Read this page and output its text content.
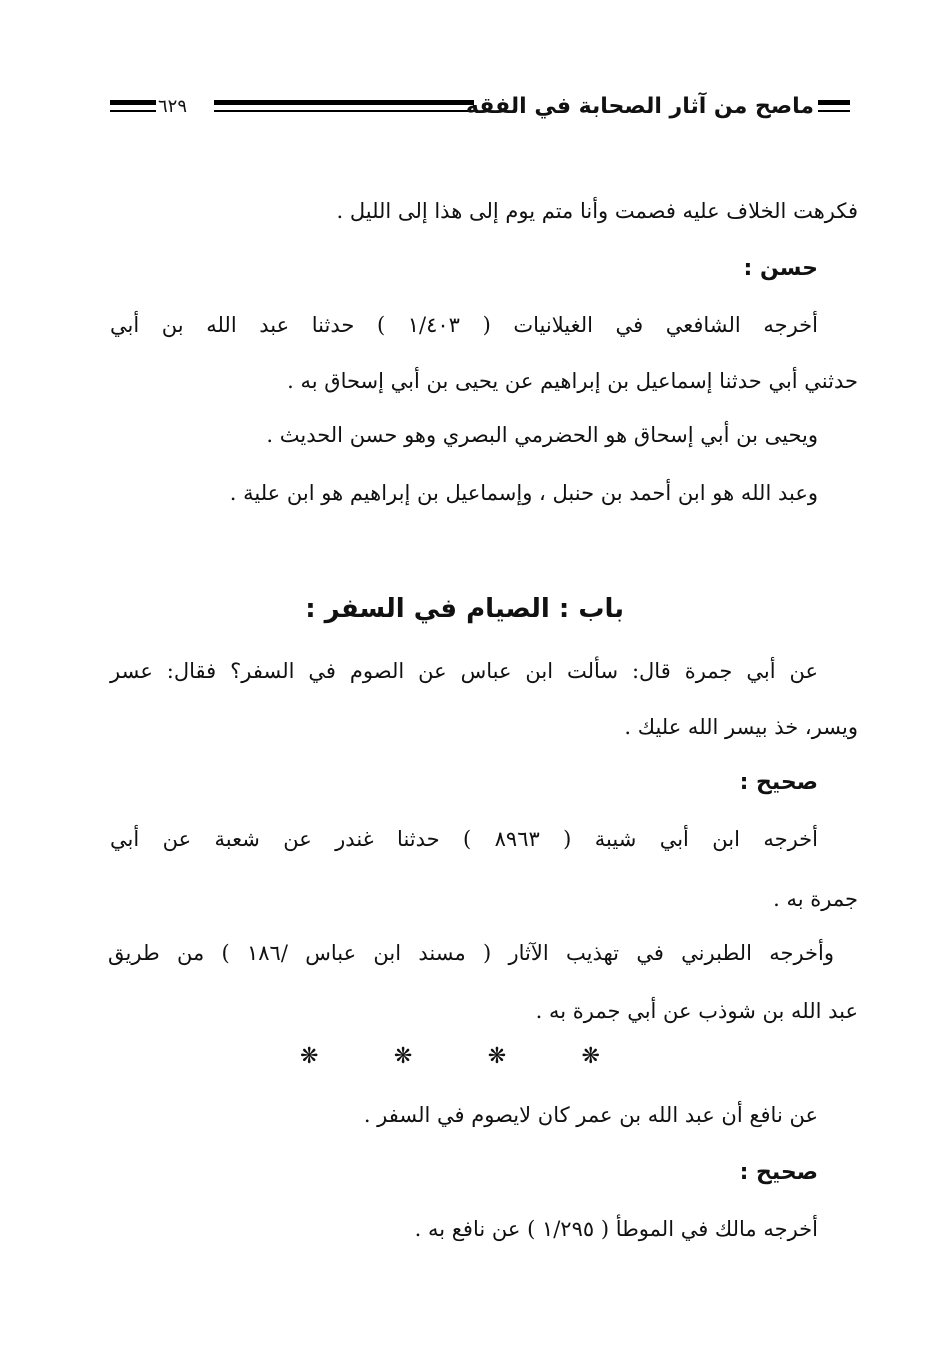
٦٢٩	ماصح من آثار الصحابة في الفقه
فكرهت الخلاف عليه فصمت وأنا متم يوم إلى هذا إلى الليل .
حسن :
أخرجه الشافعي في الغيلانيات ( ١/٤٠٣ ) حدثنا عبد الله بن أبي
حدثني أبي حدثنا إسماعيل بن إبراهيم عن يحيى بن أبي إسحاق به .
ويحيى بن أبي إسحاق هو الحضرمي البصري وهو حسن الحديث .
وعبد الله هو ابن أحمد بن حنبل ، وإسماعيل بن إبراهيم هو ابن علية .
باب : الصيام في السفر :
عن أبي جمرة قال: سألت ابن عباس عن الصوم في السفر؟ فقال: عسر
ويسر، خذ بيسر الله عليك .
صحيح :
أخرجه ابن أبي شيبة ( ٨٩٦٣ ) حدثنا غندر عن شعبة عن أبي
جمرة به .
وأخرجه الطبرني في تهذيب الآثار ( مسند ابن عباس /١٨٦ ) من طريق
عبد الله بن شوذب عن أبي جمرة به .
❋	❋	❋	❋
عن نافع أن عبد الله بن عمر كان لايصوم في السفر .
صحيح :
أخرجه مالك في الموطأ ( ١/٢٩٥ ) عن نافع به .
